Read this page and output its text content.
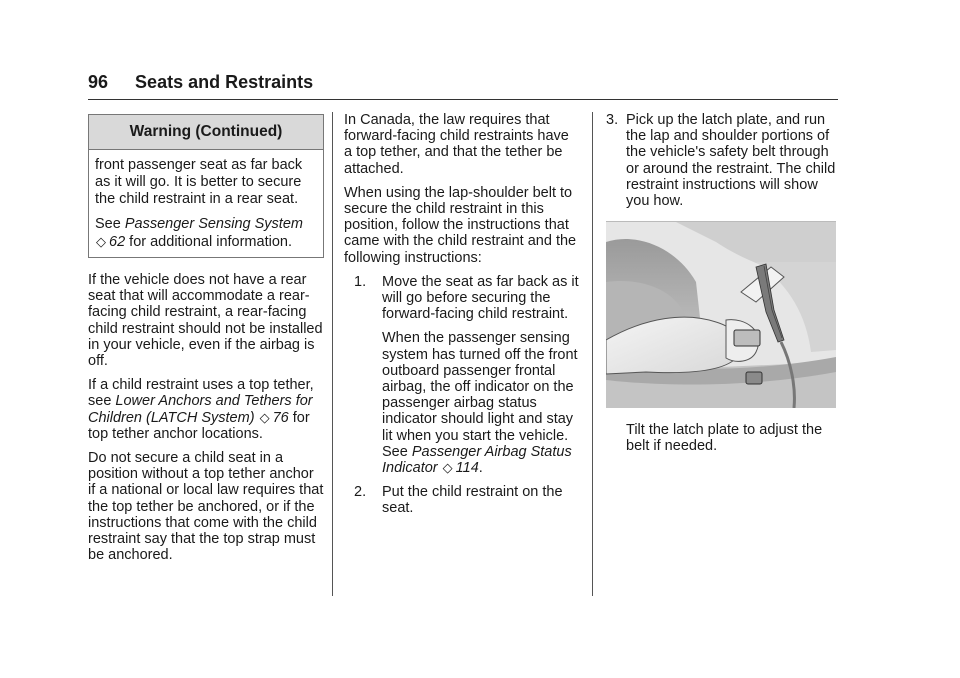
96 Seats and Restraints
Warning (Continued)

front passenger seat as far back as it will go. It is better to secure the child restraint in a rear seat.

See Passenger Sensing System
◇ 62 for additional information.

If the vehicle does not have a rear seat that will accommodate a rear-facing child restraint, a rear-facing child restraint should not be installed in your vehicle, even if the airbag is off.

If a child restraint uses a top tether, see Lower Anchors and Tethers for Children (LATCH System) ◇ 76 for top tether anchor locations.

Do not secure a child seat in a position without a top tether anchor if a national or local law requires that the top tether be anchored, or if the instructions that come with the child restraint say that the top strap must be anchored.

In Canada, the law requires that forward-facing child restraints have a top tether, and that the tether be attached.

When using the lap-shoulder belt to secure the child restraint in this position, follow the instructions that came with the child restraint and the following instructions:

1. Move the seat as far back as it will go before securing the forward-facing child restraint.
When the passenger sensing system has turned off the front outboard passenger frontal airbag, the off indicator on the passenger airbag status indicator should light and stay lit when you start the vehicle. See Passenger Airbag Status Indicator ◇ 114.
2. Put the child restraint on the seat.
3. Pick up the latch plate, and run the lap and shoulder portions of the vehicle's safety belt through or around the restraint. The child restraint instructions will show you how.

Tilt the latch plate to adjust the belt if needed.
